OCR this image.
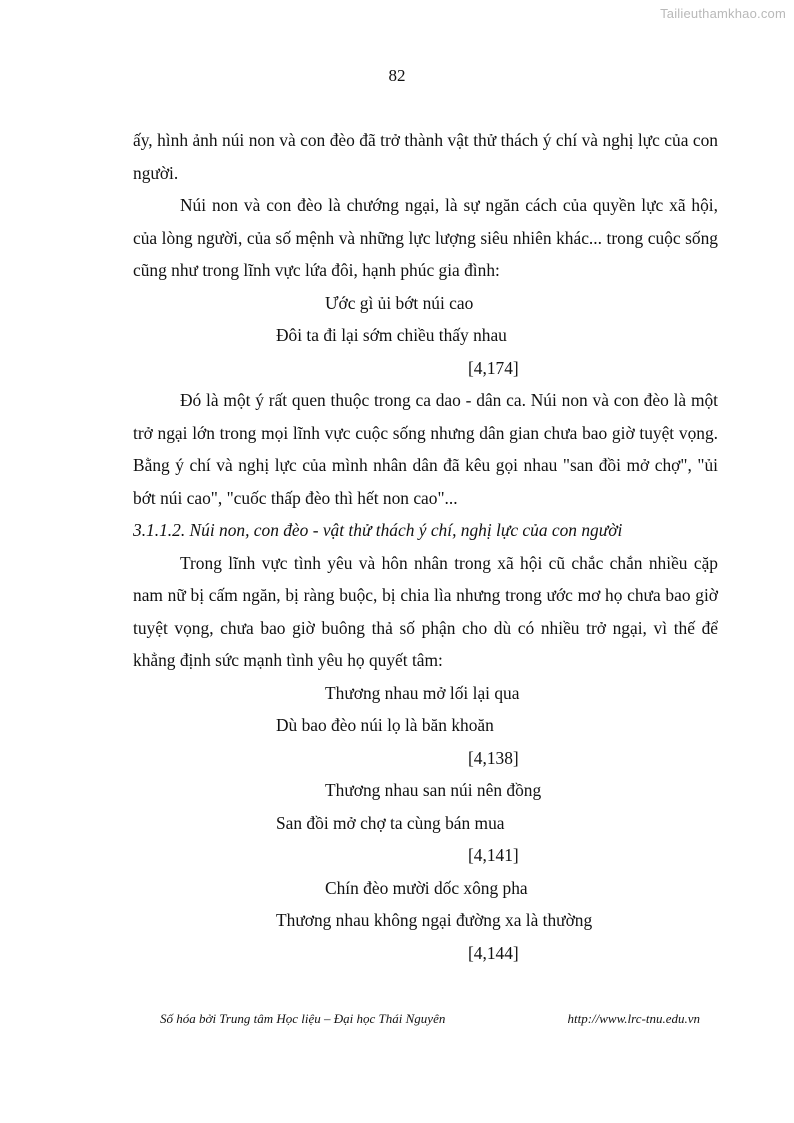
Tailieuthamkhao.com
82

ấy, hình ảnh núi non và con đèo đã trở thành vật thử thách ý chí và nghị lực của con người.

Núi non và con đèo là chướng ngại, là sự ngăn cách của quyền lực xã hội, của lòng người, của số mệnh và những lực lượng siêu nhiên khác... trong cuộc sống cũng như trong lĩnh vực lứa đôi, hạnh phúc gia đình:

Ước gì ủi bớt núi cao
Đôi ta đi lại sớm chiều thấy nhau
[4,174]

Đó là một ý rất quen thuộc trong ca dao - dân ca. Núi non và con đèo là một trở ngại lớn trong mọi lĩnh vực cuộc sống nhưng dân gian chưa bao giờ tuyệt vọng. Bằng ý chí và nghị lực của mình nhân dân đã kêu gọi nhau "san đồi mở chợ", "ủi bớt núi cao", "cuốc thấp đèo thì hết non cao"...

3.1.1.2. Núi non, con đèo - vật thử thách ý chí, nghị lực của con người

Trong lĩnh vực tình yêu và hôn nhân trong xã hội cũ chắc chắn nhiều cặp nam nữ bị cấm ngăn, bị ràng buộc, bị chia lìa nhưng trong ước mơ họ chưa bao giờ tuyệt vọng, chưa bao giờ buông thả số phận cho dù có nhiều trở ngại, vì thế để khẳng định sức mạnh tình yêu họ quyết tâm:

Thương nhau mở lối lại qua
Dù bao đèo núi lọ là băn khoăn
[4,138]
Thương nhau san núi nên đồng
San đồi mở chợ ta cùng bán mua
[4,141]
Chín đèo mười dốc xông pha
Thương nhau không ngại đường xa là thường
[4,144]
Số hóa bởi Trung tâm Học liệu – Đại học Thái Nguyên	http://www.lrc-tnu.edu.vn
